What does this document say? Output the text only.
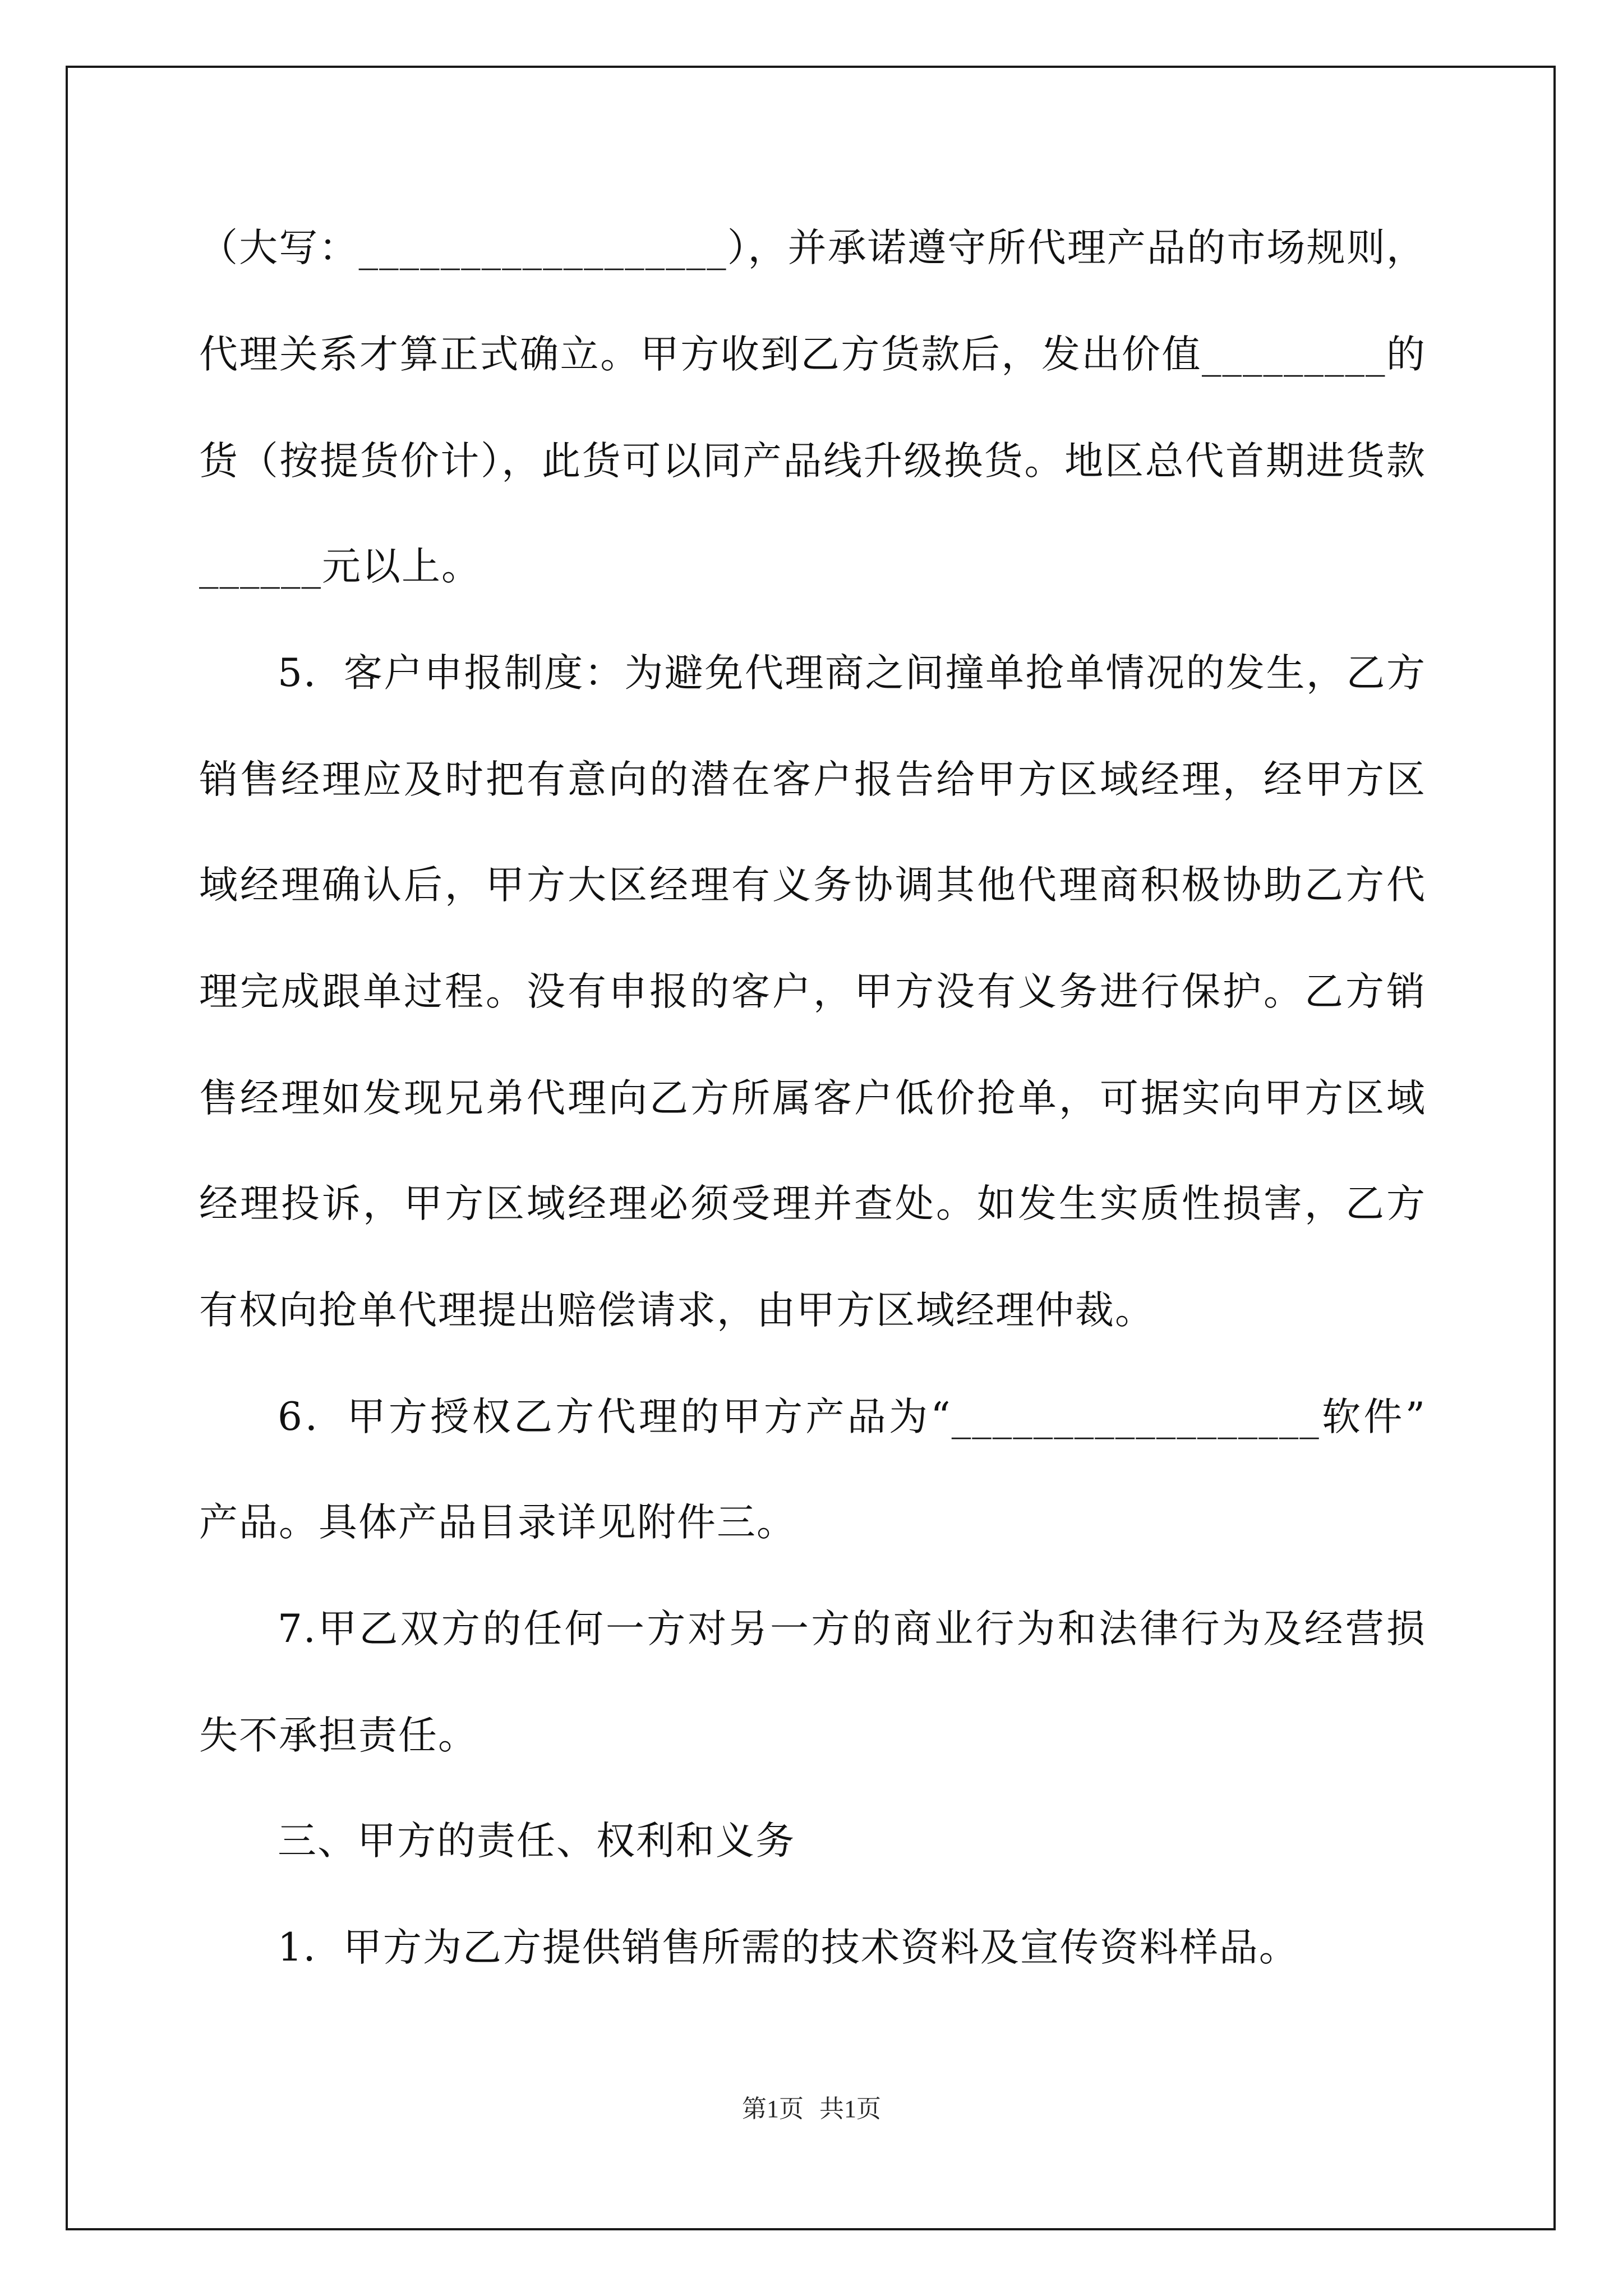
（大写：__________________），并承诺遵守所代理产品的市场规则，
代理关系才算正式确立。甲方收到乙方货款后，发出价值_________的
货（按提货价计），此货可以同产品线升级换货。地区总代首期进货款
______元以上。
5．客户申报制度：为避免代理商之间撞单抢单情况的发生，乙方
销售经理应及时把有意向的潜在客户报告给甲方区域经理，经甲方区
域经理确认后，甲方大区经理有义务协调其他代理商积极协助乙方代
理完成跟单过程。没有申报的客户，甲方没有义务进行保护。乙方销
售经理如发现兄弟代理向乙方所属客户低价抢单，可据实向甲方区域
经理投诉，甲方区域经理必须受理并查处。如发生实质性损害，乙方
有权向抢单代理提出赔偿请求，由甲方区域经理仲裁。
6．甲方授权乙方代理的甲方产品为“__________________软件”
产品。具体产品目录详见附件三。
7.甲乙双方的任何一方对另一方的商业行为和法律行为及经营损
失不承担责任。
三、甲方的责任、权利和义务
1．甲方为乙方提供销售所需的技术资料及宣传资料样品。
第1页 共1页
